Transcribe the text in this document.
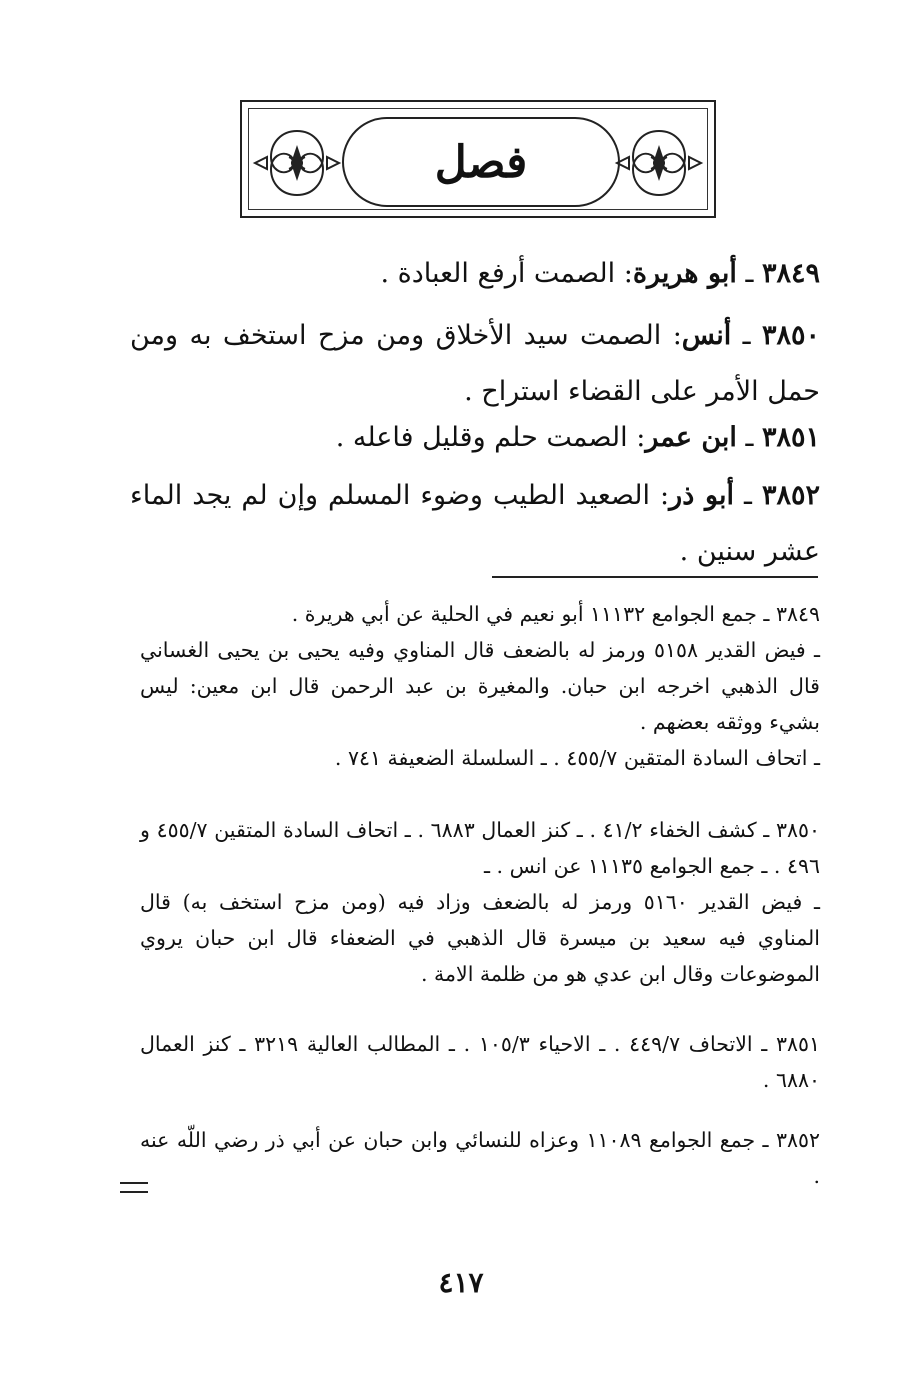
فصل

٣٨٤٩ ـ أبو هريرة: الصمت أرفع العبادة .

٣٨٥٠ ـ أنس: الصمت سيد الأخلاق ومن مزح استخف به ومن حمل الأمر على القضاء استراح .

٣٨٥١ ـ ابن عمر: الصمت حلم وقليل فاعله .

٣٨٥٢ ـ أبو ذر: الصعيد الطيب وضوء المسلم وإن لم يجد الماء عشر سنين .

٣٨٤٩ ـ جمع الجوامع ١١١٣٢ أبو نعيم في الحلية عن أبي هريرة .

ـ فيض القدير ٥١٥٨ ورمز له بالضعف قال المناوي وفيه يحيى بن يحيى الغساني قال الذهبي اخرجه ابن حبان. والمغيرة بن عبد الرحمن قال ابن معين: ليس بشيء ووثقه بعضهم .

ـ اتحاف السادة المتقين ٤٥٥/٧ . ـ السلسلة الضعيفة ٧٤١ .

٣٨٥٠ ـ كشف الخفاء ٤١/٢ . ـ كنز العمال ٦٨٨٣ . ـ اتحاف السادة المتقين ٤٥٥/٧ و ٤٩٦ . ـ جمع الجوامع ١١١٣٥ عن انس . ـ

ـ فيض القدير ٥١٦٠ ورمز له بالضعف وزاد فيه (ومن مزح استخف به) قال المناوي فيه سعيد بن ميسرة قال الذهبي في الضعفاء قال ابن حبان يروي الموضوعات وقال ابن عدي هو من ظلمة الامة .

٣٨٥١ ـ الاتحاف ٤٤٩/٧ . ـ الاحياء ١٠٥/٣ . ـ المطالب العالية ٣٢١٩ ـ كنز العمال ٦٨٨٠ .

٣٨٥٢ ـ جمع الجوامع ١١٠٨٩ وعزاه للنسائي وابن حبان عن أبي ذر رضي اللّه عنه .

٤١٧
